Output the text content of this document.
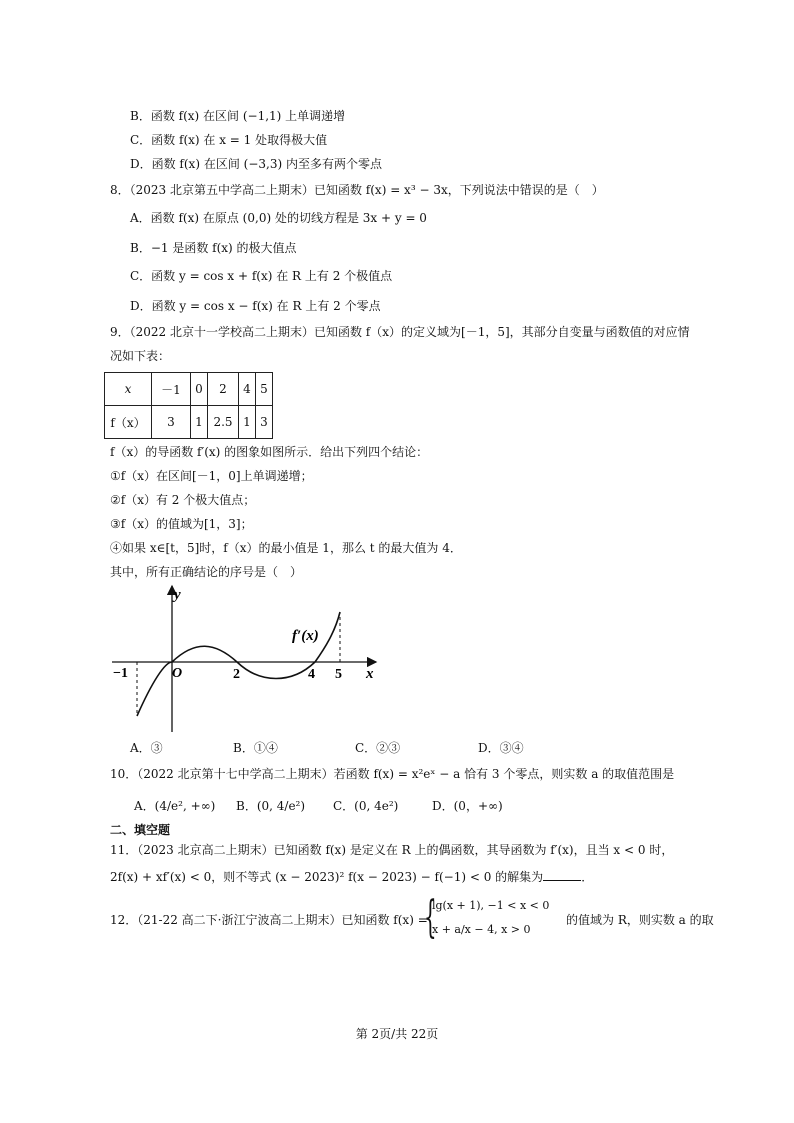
B．函数 f(x) 在区间 (−1,1) 上单调递增
C．函数 f(x) 在 x = 1 处取得极大值
D．函数 f(x) 在区间 (−3,3) 内至多有两个零点
8．（2023 北京第五中学高二上期末）已知函数 f(x) = x³ − 3x，下列说法中错误的是（　）
A．函数 f(x) 在原点 (0,0) 处的切线方程是 3x + y = 0
B．−1 是函数 f(x) 的极大值点
C．函数 y = cos x + f(x) 在 R 上有 2 个极值点
D．函数 y = cos x − f(x) 在 R 上有 2 个零点
9．（2022 北京十一学校高二上期末）已知函数 f（x）的定义域为[－1，5]，其部分自变量与函数值的对应情
况如下表：
x	－1	0	2	4	5
f（x）	3	1	2.5	1	3
f（x）的导函数 f′(x) 的图象如图所示．给出下列四个结论：
①f（x）在区间[－1，0]上单调递增；
②f（x）有 2 个极大值点；
③f（x）的值域为[1，3]；
④如果 x∈[t，5]时，f（x）的最小值是 1，那么 t 的最大值为 4．
其中，所有正确结论的序号是（　）
y
x
f′(x)
O
−1	2	4 5
A．③	B．①④	C．②③	D．③④
10．（2022 北京第十七中学高二上期末）若函数 f(x) = x²eˣ − a 恰有 3 个零点，则实数 a 的取值范围是
A．(4/e², +∞) B．(0, 4/e²) C．(0, 4e²)	D．(0，+∞)
二、填空题
11．（2023 北京高二上期末）已知函数 f(x) 是定义在 R 上的偶函数，其导函数为 f′(x)，且当 x < 0 时，
2f(x) + xf′(x) < 0，则不等式 (x − 2023)² f(x − 2023) − f(−1) < 0 的解集为	．
12．（21-22 高二下·浙江宁波高二上期末）已知函数 f(x) =
{
lg(x + 1), −1 < x < 0
x + a/x − 4, x > 0
的值域为 R，则实数 a 的取
第 2页/共 22页
